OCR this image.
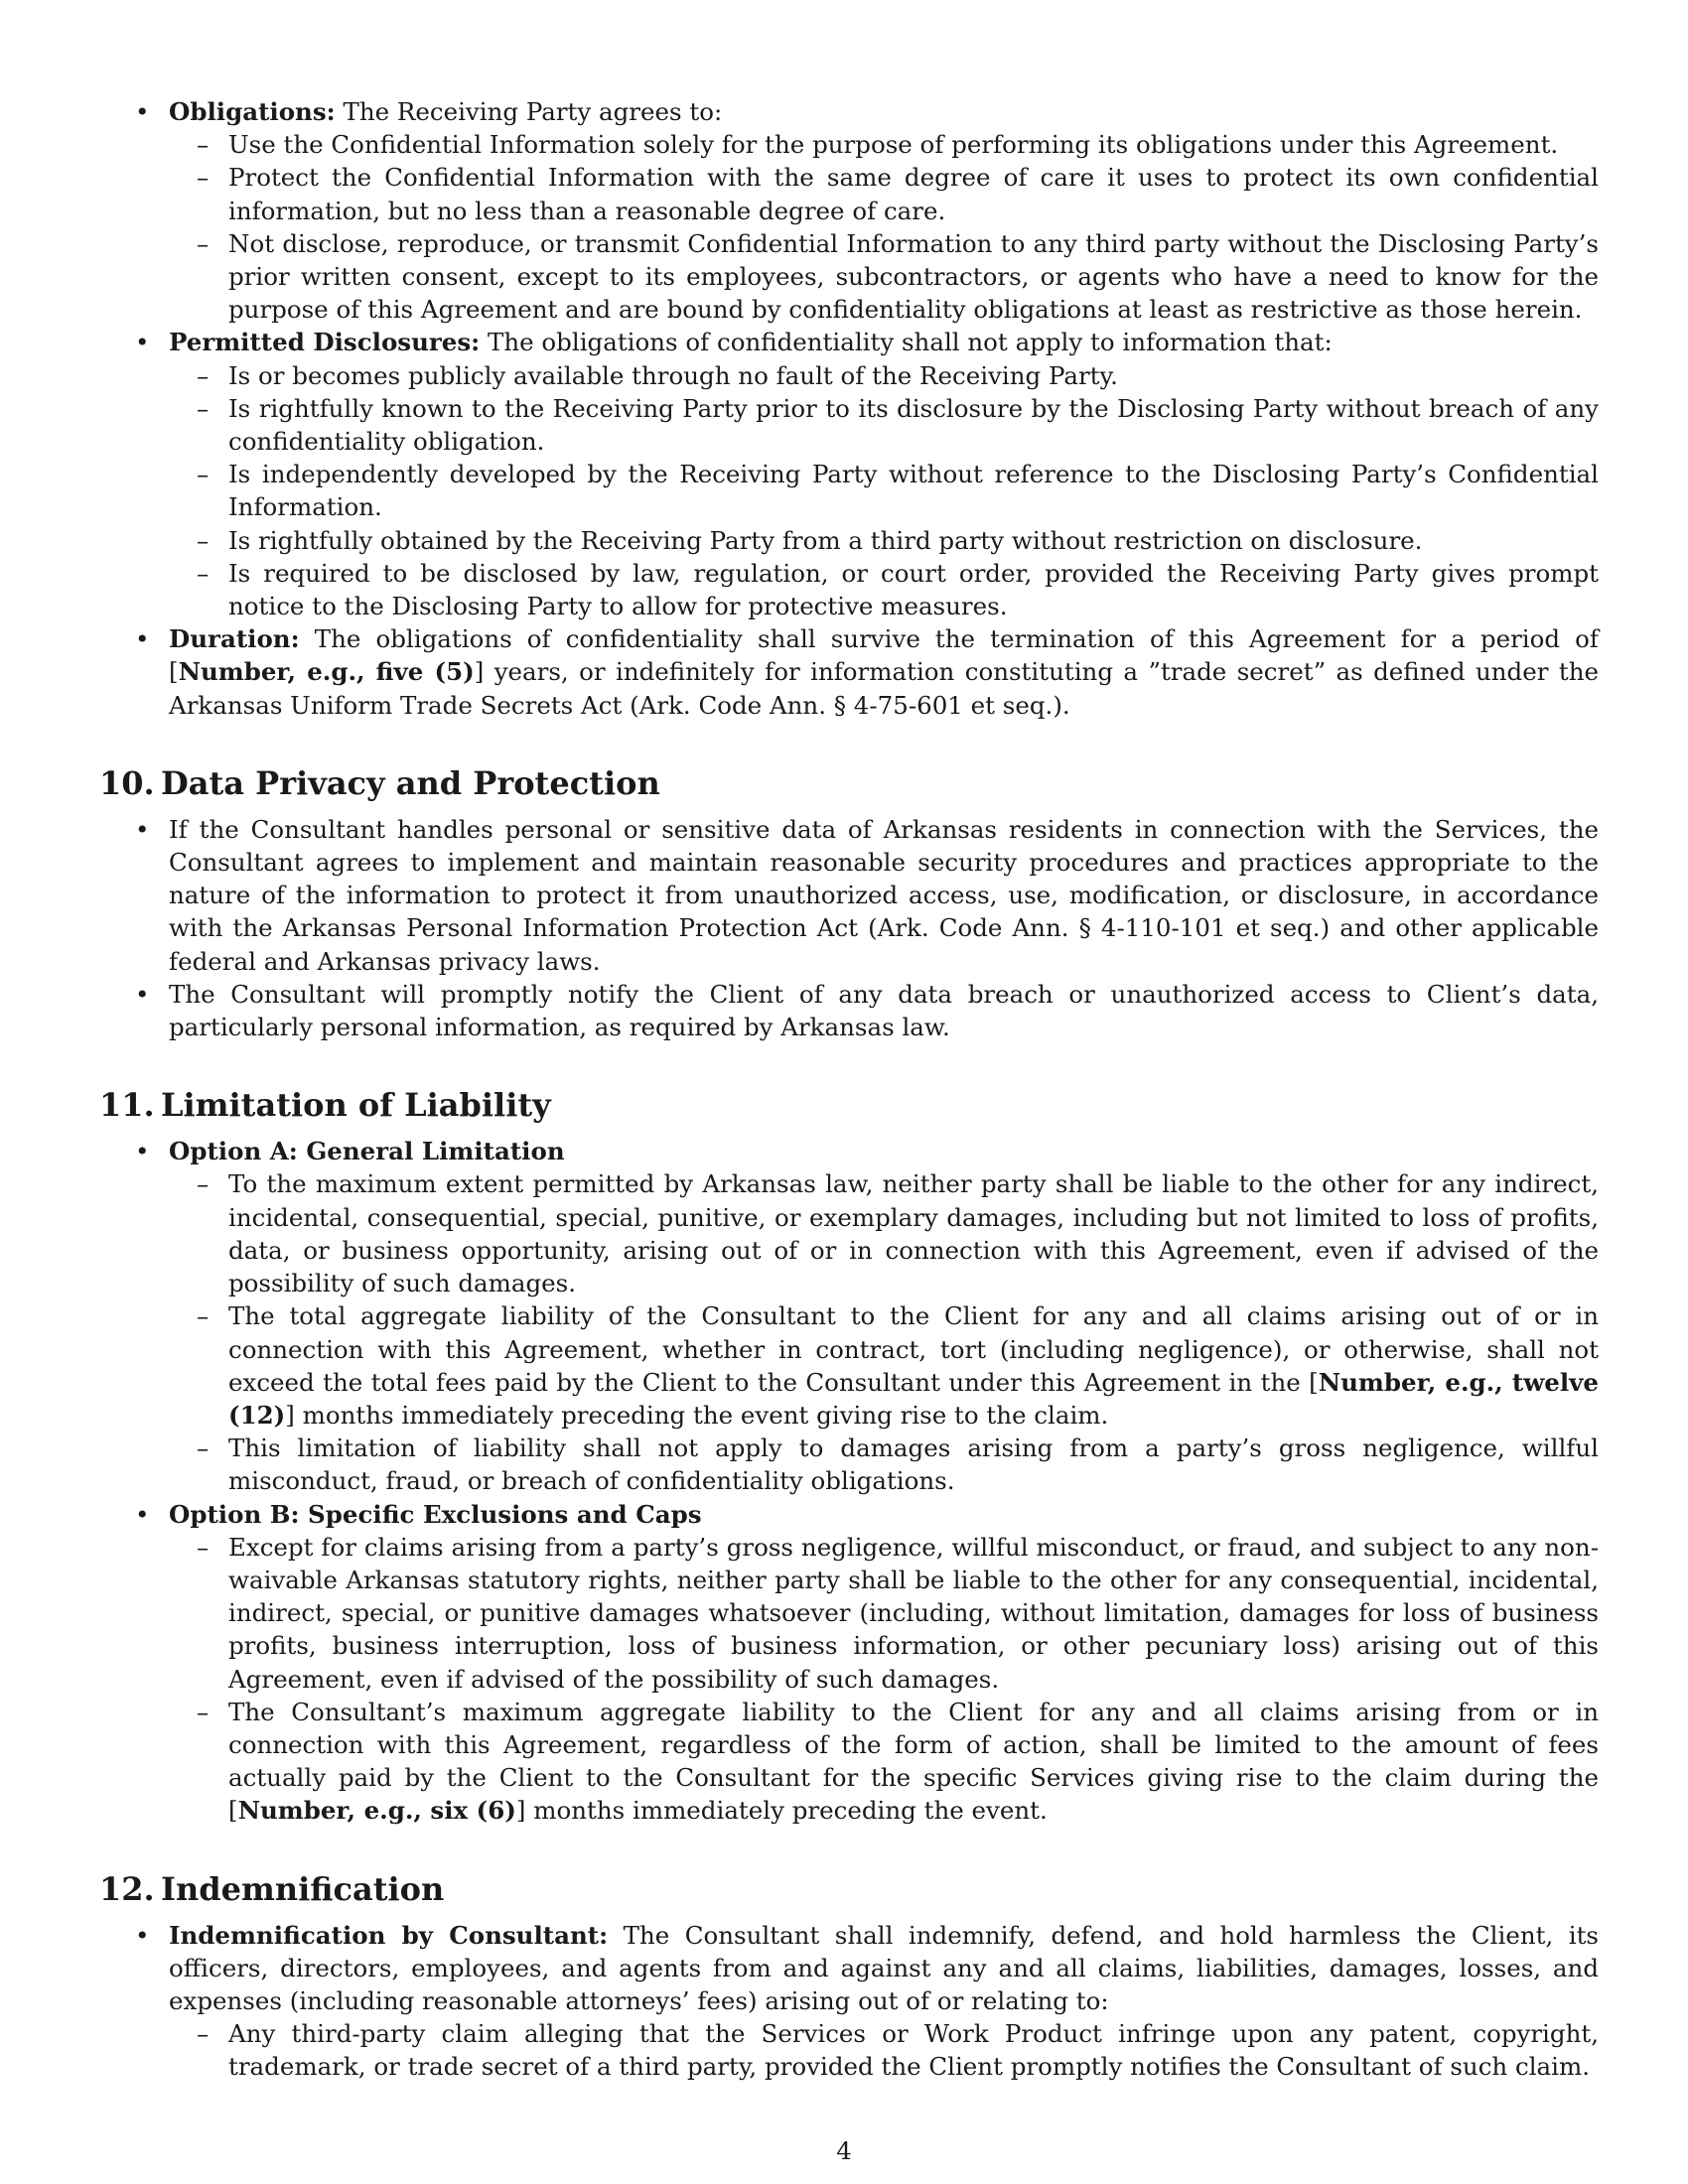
• Obligations: The Receiving Party agrees to:
– Use the Confidential Information solely for the purpose of performing its obligations under this Agreement.
– Protect the Confidential Information with the same degree of care it uses to protect its own confidential information, but no less than a reasonable degree of care.
– Not disclose, reproduce, or transmit Confidential Information to any third party without the Disclosing Party’s prior written consent, except to its employees, subcontractors, or agents who have a need to know for the purpose of this Agreement and are bound by confidentiality obligations at least as restrictive as those herein.
• Permitted Disclosures: The obligations of confidentiality shall not apply to information that:
– Is or becomes publicly available through no fault of the Receiving Party.
– Is rightfully known to the Receiving Party prior to its disclosure by the Disclosing Party without breach of any confidentiality obligation.
– Is independently developed by the Receiving Party without reference to the Disclosing Party’s Confidential Information.
– Is rightfully obtained by the Receiving Party from a third party without restriction on disclosure.
– Is required to be disclosed by law, regulation, or court order, provided the Receiving Party gives prompt notice to the Disclosing Party to allow for protective measures.
• Duration: The obligations of confidentiality shall survive the termination of this Agreement for a period of [Number, e.g., five (5)] years, or indefinitely for information constituting a ”trade secret” as defined under the Arkansas Uniform Trade Secrets Act (Ark. Code Ann. § 4-75-601 et seq.).
10. Data Privacy and Protection
• If the Consultant handles personal or sensitive data of Arkansas residents in connection with the Services, the Consultant agrees to implement and maintain reasonable security procedures and practices appropriate to the nature of the information to protect it from unauthorized access, use, modification, or disclosure, in accordance with the Arkansas Personal Information Protection Act (Ark. Code Ann. § 4-110-101 et seq.) and other applicable federal and Arkansas privacy laws.
• The Consultant will promptly notify the Client of any data breach or unauthorized access to Client’s data, particularly personal information, as required by Arkansas law.
11. Limitation of Liability
• Option A: General Limitation
– To the maximum extent permitted by Arkansas law, neither party shall be liable to the other for any indirect, incidental, consequential, special, punitive, or exemplary damages, including but not limited to loss of profits, data, or business opportunity, arising out of or in connection with this Agreement, even if advised of the possibility of such damages.
– The total aggregate liability of the Consultant to the Client for any and all claims arising out of or in connection with this Agreement, whether in contract, tort (including negligence), or otherwise, shall not exceed the total fees paid by the Client to the Consultant under this Agreement in the [Number, e.g., twelve (12)] months immediately preceding the event giving rise to the claim.
– This limitation of liability shall not apply to damages arising from a party’s gross negligence, willful misconduct, fraud, or breach of confidentiality obligations.
• Option B: Specific Exclusions and Caps
– Except for claims arising from a party’s gross negligence, willful misconduct, or fraud, and subject to any non-waivable Arkansas statutory rights, neither party shall be liable to the other for any consequential, incidental, indirect, special, or punitive damages whatsoever (including, without limitation, damages for loss of business profits, business interruption, loss of business information, or other pecuniary loss) arising out of this Agreement, even if advised of the possibility of such damages.
– The Consultant’s maximum aggregate liability to the Client for any and all claims arising from or in connection with this Agreement, regardless of the form of action, shall be limited to the amount of fees actually paid by the Client to the Consultant for the specific Services giving rise to the claim during the [Number, e.g., six (6)] months immediately preceding the event.
12. Indemnification
• Indemnification by Consultant: The Consultant shall indemnify, defend, and hold harmless the Client, its officers, directors, employees, and agents from and against any and all claims, liabilities, damages, losses, and expenses (including reasonable attorneys’ fees) arising out of or relating to:
– Any third-party claim alleging that the Services or Work Product infringe upon any patent, copyright, trademark, or trade secret of a third party, provided the Client promptly notifies the Consultant of such claim.
4
